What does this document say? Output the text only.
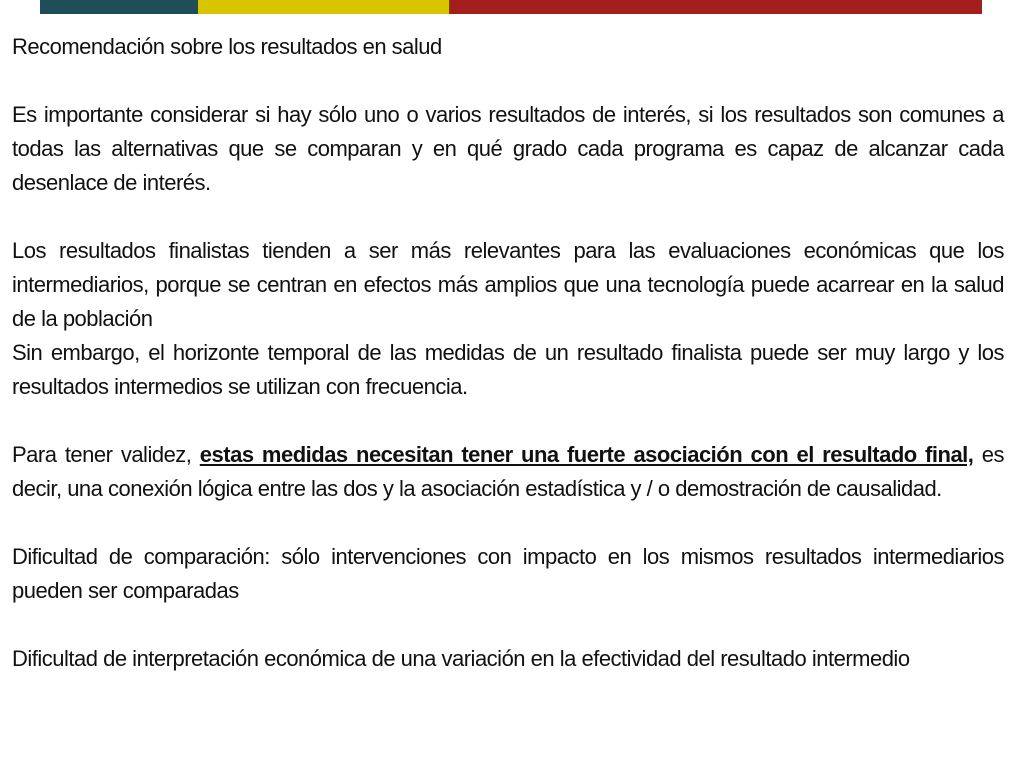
Recomendación sobre los resultados en salud

Es importante considerar si hay sólo uno o varios resultados de interés, si los resultados son comunes a todas las alternativas que se comparan y en qué grado cada programa es capaz de alcanzar cada desenlace de interés.

Los resultados finalistas tienden a ser más relevantes para las evaluaciones económicas que los intermediarios, porque se centran en efectos más amplios que una tecnología puede acarrear en la salud de la población

Sin embargo, el horizonte temporal de las medidas de un resultado finalista puede ser muy largo y los resultados intermedios se utilizan con frecuencia.

Para tener validez, estas medidas necesitan tener una fuerte asociación con el resultado final, es decir, una conexión lógica entre las dos y la asociación estadística y / o demostración de causalidad.

Dificultad de comparación: sólo intervenciones con impacto en los mismos resultados intermediarios pueden ser comparadas

Dificultad de interpretación económica de una variación en la efectividad del resultado intermedio
